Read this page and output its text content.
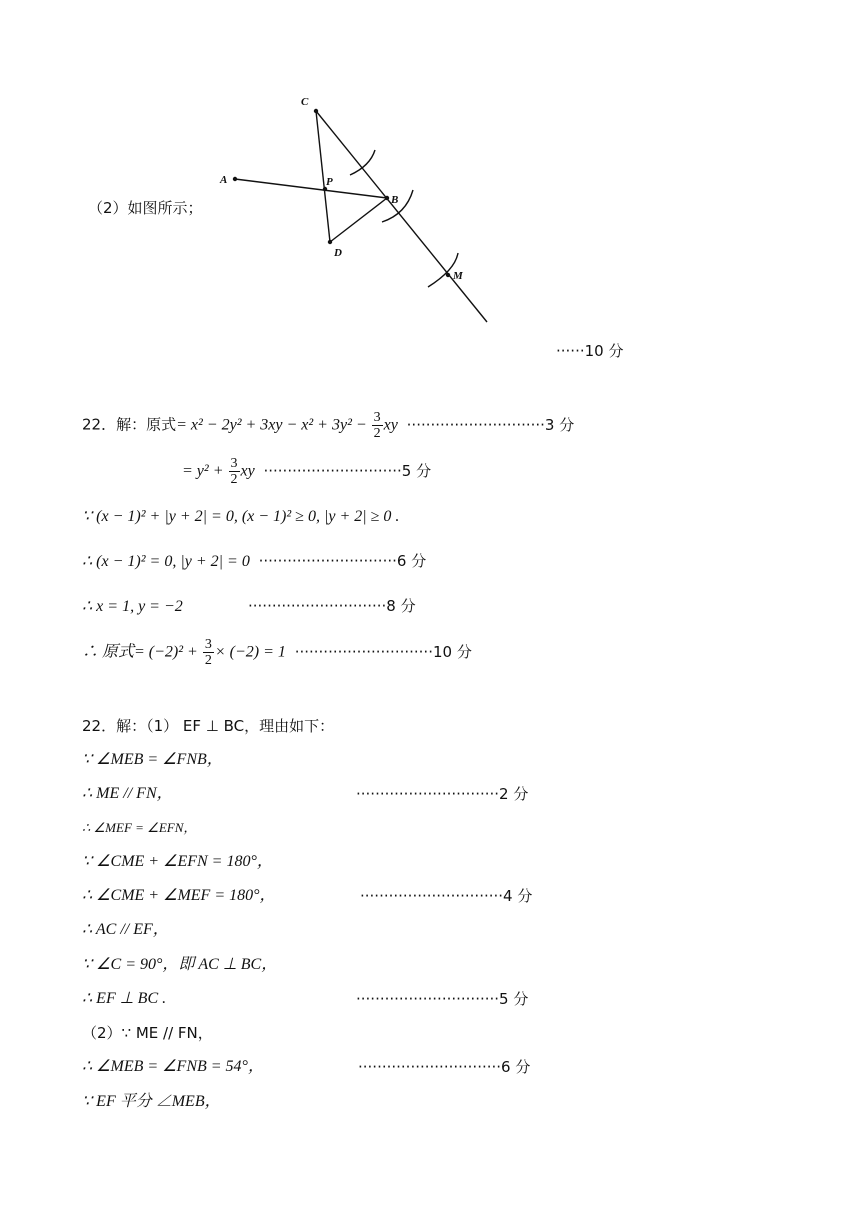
（2）如图所示；
C
A	P
B
D
M
······10 分
22．解：原式= $x^2 - 2y^2 + 3xy - x^2 + 3y^2 - \frac{3}{2}$ xy ·····························3 分
= $y^2 + \frac{3}{2}$ xy ·····························5 分
∵ (x − 1)² + |y + 2| = 0, (x − 1)² ≥ 0, |y + 2| ≥ 0 .
∴ (x − 1)² = 0, |y + 2| = 0 ·····························6 分
∴ x = 1, y = −2	·····························8 分
∴ 原式= $(-2)^2 + \frac{3}{2} \times (-2) = 1 \cdot\cdot\cdot\cdot\cdot\cdot\cdot\cdot\cdot\cdot\cdot\cdot\cdot\cdot\cdot\cdot\cdot\cdot\cdot\cdot\cdot\cdot\cdot\cdot\cdot\cdot\cdot\cdot\cdot 10$ 分
22．解：（1） EF ⊥ BC，理由如下：
∵ ∠MEB = ∠FNB，
∴ ME // FN，	······························2 分
∴ ∠MEF = ∠EFN，
∵ ∠CME + ∠EFN = 180°，
∴ ∠CME + ∠MEF = 180°，	······························4 分
∴ AC // EF，
∵ ∠C = 90°，即 AC ⊥ BC，
∴ EF ⊥ BC .	······························5 分
（2）∵ ME // FN，
∴ ∠MEB = ∠FNB = 54°，	······························6 分
∵ EF 平分 ∠MEB，
